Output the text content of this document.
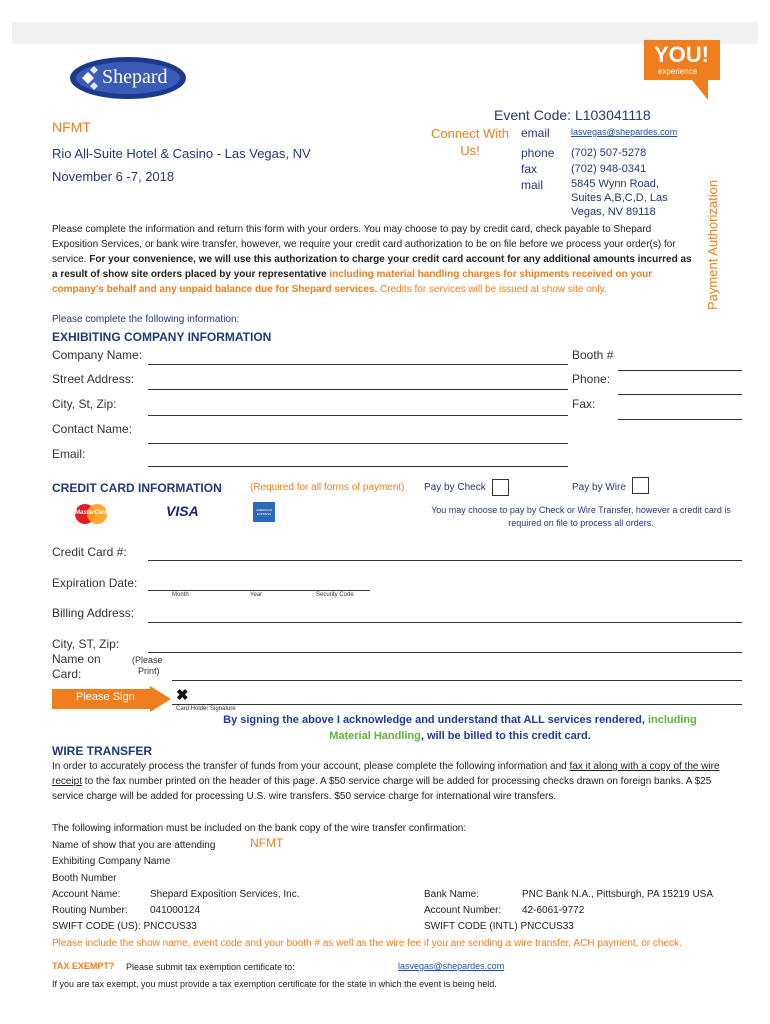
Shepard
YOU!
experience
Payment Authorization
Event Code: L103041118
NFMT
Rio All-Suite Hotel & Casino - Las Vegas, NV
November 6 -7, 2018
Connect With
Us!
email lasvegas@shepardes.com
phone (702) 507-5278
fax	(702) 948-0341
mail	5845 Wynn Road,
Suites A,B,C,D, Las
Vegas, NV 89118
Please complete the information and return this form with your orders. You may choose to pay by credit card, check payable to Shepard Exposition Services, or bank wire transfer, however, we require your credit card authorization to be on file before we process your order(s) for service. For your convenience, we will use this authorization to charge your credit card account for any additional amounts incurred as a result of show site orders placed by your representative including material handling charges for shipments received on your company's behalf and any unpaid balance due for Shepard services. Credits for services will be issued at show site only.
Please complete the following information:
EXHIBITING COMPANY INFORMATION
Company Name:	Booth #
Street Address:	Phone:
City, St, Zip:	Fax:
Contact Name:
Email:
CREDIT CARD INFORMATION	(Required for all forms of payment) Pay by Check	Pay by Wire
MasterCard	VISA	AMERICAN EXPRESS	You may choose to pay by Check or Wire Transfer, however a credit card is required on file to process all orders.
Credit Card #:
Expiration Date:
Month	Year	Security Code
Billing Address:
City, ST, Zip:
Name on
Card:
(Please
Print)
Please Sign	✖
Card Holder Signature
By signing the above I acknowledge and understand that ALL services rendered, including
Material Handling, will be billed to this credit card.
WIRE TRANSFER
In order to accurately process the transfer of funds from your account, please complete the following information and fax it along with a copy of the wire receipt to the fax number printed on the header of this page. A $50 service charge will be added for processing checks drawn on foreign banks. A $25 service charge will be added for processing U.S. wire transfers. $50 service charge for international wire transfers.
The following information must be included on the bank copy of the wire transfer confirmation:
Name of show that you are attending	NFMT
Exhibiting Company Name
Booth Number
Account Name:	Shepard Exposition Services, Inc.	Bank Name:	PNC Bank N.A., Pittsburgh, PA 15219 USA
Routing Number: 041000124	Account Number: 42-6061-9772
SWIFT CODE (US): PNCCUS33	SWIFT CODE (INTL) PNCCUS33
Please include the show name, event code and your booth # as well as the wire fee if you are sending a wire transfer, ACH payment, or check.
TAX EXEMPT? Please submit tax exemption certificate to:	lasvegas@shepardes.com
If you are tax exempt, you must provide a tax exemption certificate for the state in which the event is being held.
